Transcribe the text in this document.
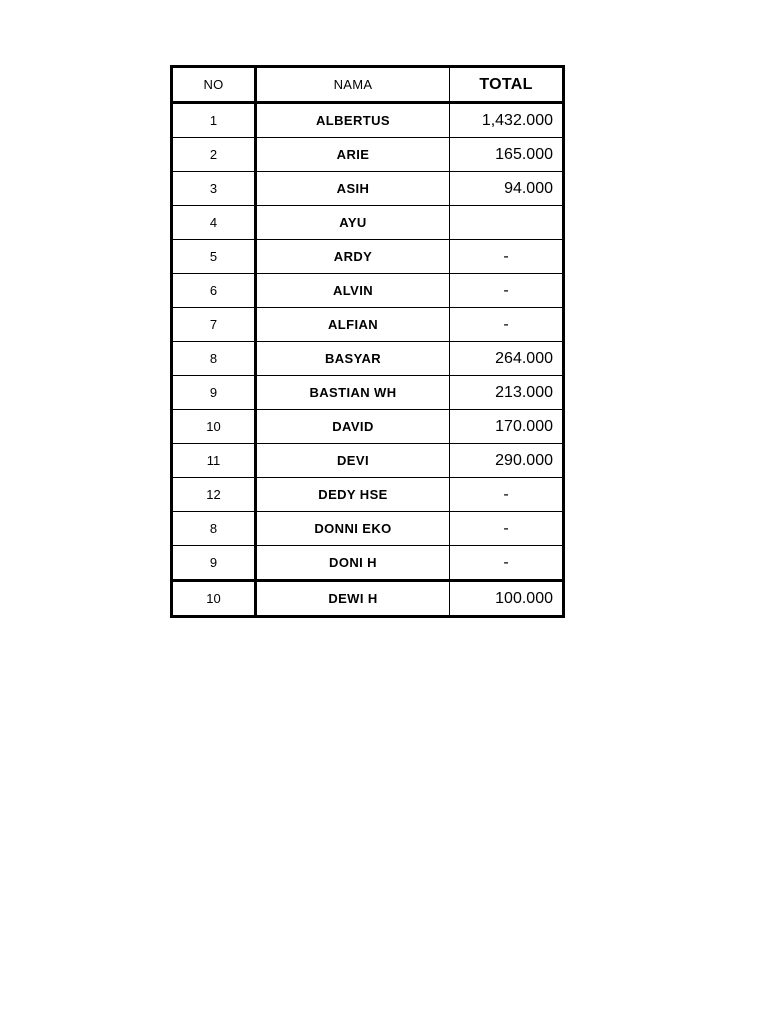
NO	NAMA	TOTAL
1	ALBERTUS	1,432.000
2	ARIE	165.000
3	ASIH	94.000
4	AYU	
5	ARDY	-
6	ALVIN	-
7	ALFIAN	-
8	BASYAR	264.000
9	BASTIAN WH	213.000
10	DAVID	170.000
11	DEVI	290.000
12	DEDY HSE	-
8	DONNI EKO	-
9	DONI H	-
10	DEWI H	100.000
